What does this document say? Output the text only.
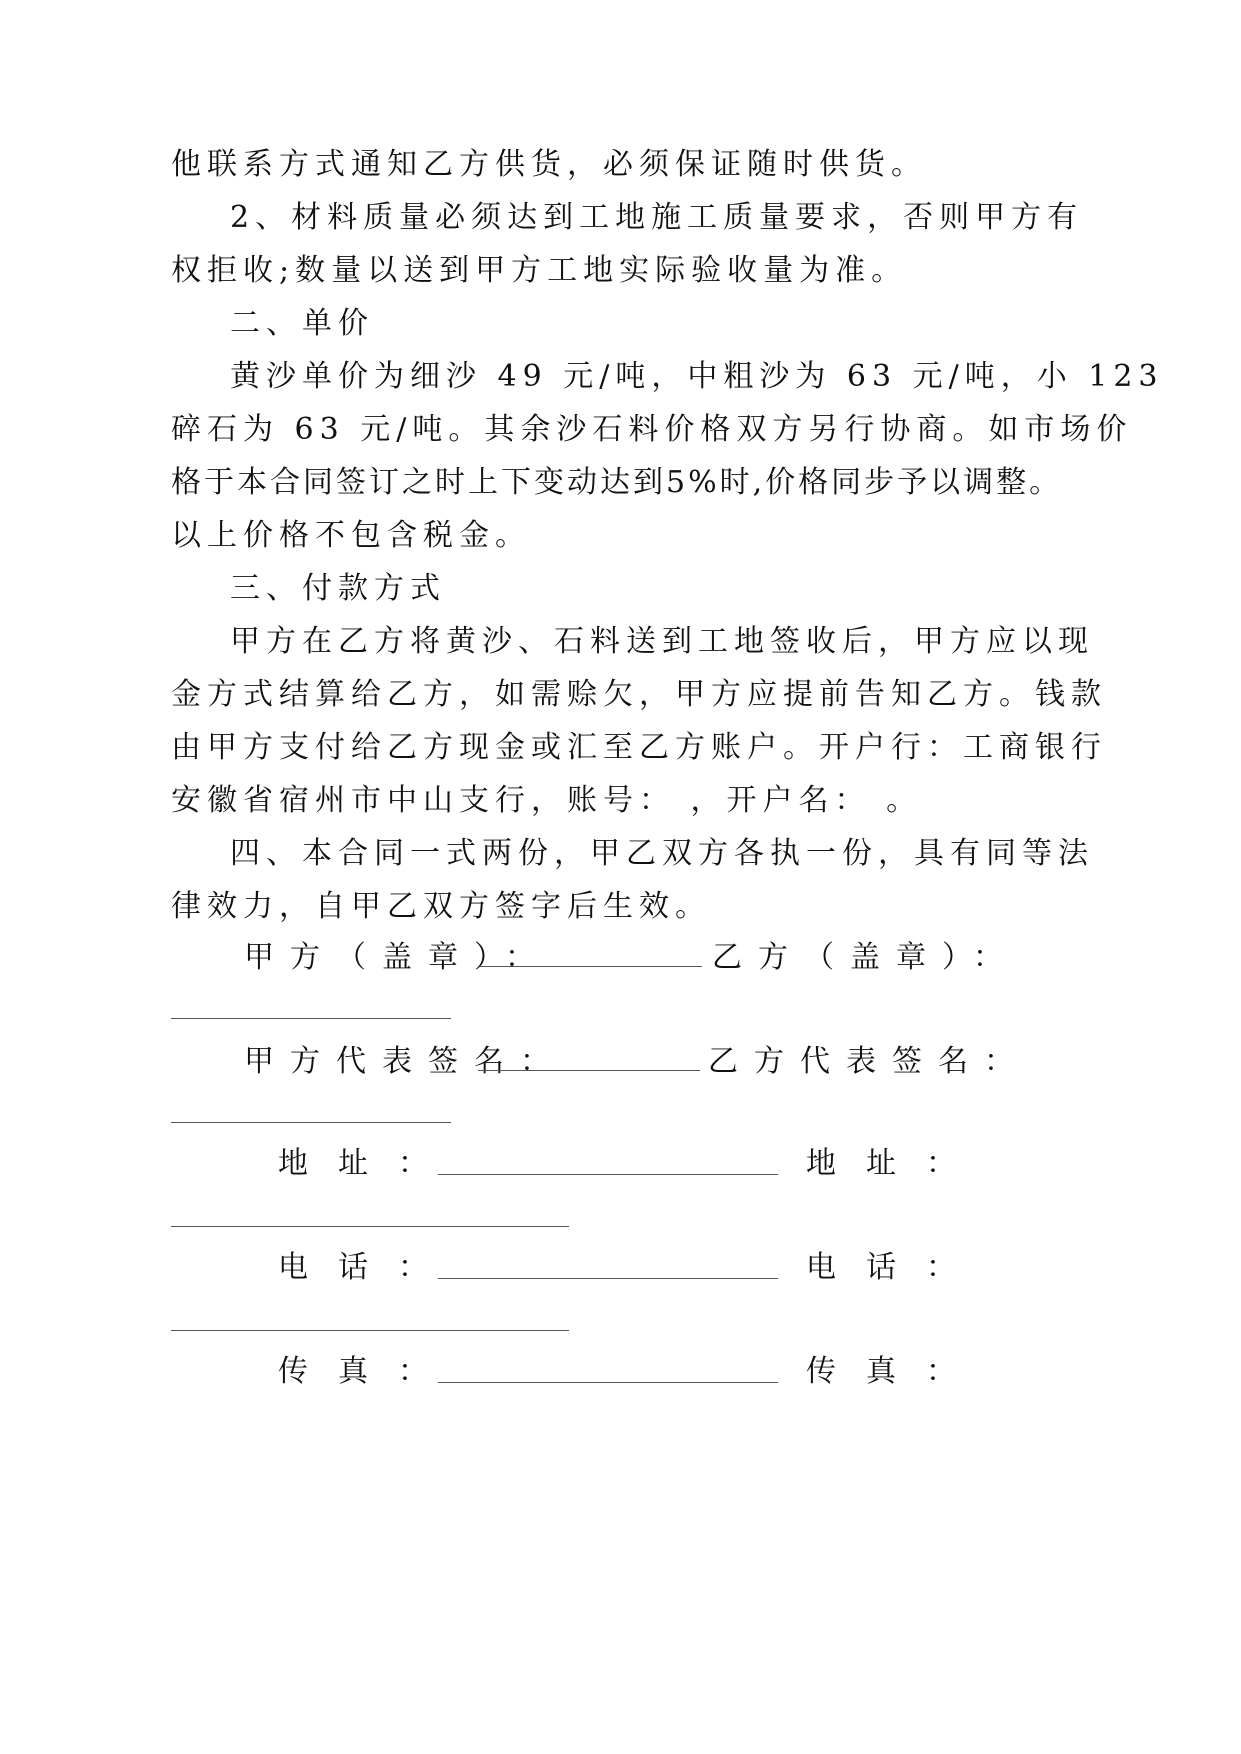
他联系方式通知乙方供货，必须保证随时供货。
2、材料质量必须达到工地施工质量要求，否则甲方有
权拒收;数量以送到甲方工地实际验收量为准。
二、单价
黄沙单价为细沙 49 元/吨，中粗沙为 63 元/吨，小 123
碎石为 63 元/吨。其余沙石料价格双方另行协商。如市场价
格于本合同签订之时上下变动达到5%时,价格同步予以调整。
以上价格不包含税金。
三、付款方式
甲方在乙方将黄沙、石料送到工地签收后，甲方应以现
金方式结算给乙方，如需赊欠，甲方应提前告知乙方。钱款
由甲方支付给乙方现金或汇至乙方账户。开户行：工商银行
安徽省宿州市中山支行，账号： ，开户名： 。
四、本合同一式两份，甲乙双方各执一份，具有同等法
律效力，自甲乙双方签字后生效。
甲方（盖章）：	乙方（盖章）：
甲方代表签名：	乙方代表签名：
地址：	地址：
电话：	电话：
传真：	传真：
